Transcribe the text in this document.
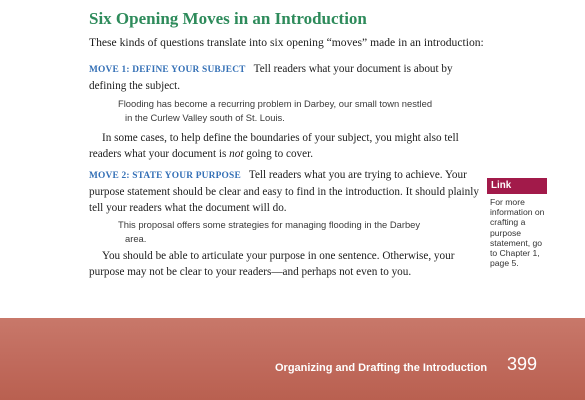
Six Opening Moves in an Introduction

These kinds of questions translate into six opening “moves” made in an introduction:

MOVE 1: DEFINE YOUR SUBJECT Tell readers what your document is about by defining the subject.

Flooding has become a recurring problem in Darbey, our small town nestled
in the Curlew Valley south of St. Louis.

In some cases, to help define the boundaries of your subject, you might also tell readers what your document is not going to cover.

MOVE 2: STATE YOUR PURPOSE Tell readers what you are trying to achieve. Your purpose statement should be clear and easy to find in the introduction. It should plainly tell your readers what the document will do.

This proposal offers some strategies for managing flooding in the Darbey
area.

You should be able to articulate your purpose in one sentence. Otherwise, your purpose may not be clear to your readers—and perhaps not even to you.

Link

For more information on crafting a purpose statement, go to Chapter 1, page 5.

Organizing and Drafting the Introduction 399
